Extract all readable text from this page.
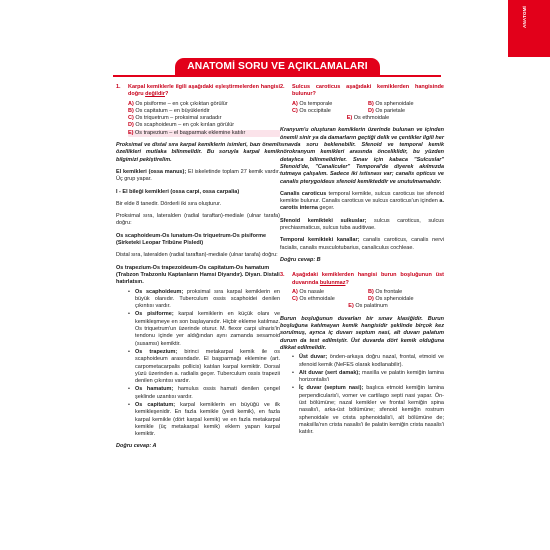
ANATOMİ
ANATOMİ SORU VE AÇIKLAMALARI
1.	Karpal kemiklerle ilgili aşağıdaki eşleştirmelerden hangisi doğru değildir?
A) Os pisiforme – en çok çıkıktan görülür
B) Os capitatum – en büyükleridir
C) Os triquetrum – proksimal sıradadır
D) Os scaphoideum – en çok kırılan görülür
E) Os trapezium – el başparmak eklemine katılır

Proksimal ve distal sıra karpal kemiklerin isimleri, bazı önemli özellikleri mutlaka bilinmelidir. Bu soruyla karpal kemik bilgimizi pekiştirelim.

El kemikleri (ossa manus); El iskeletinde toplam 27 kemik vardır. Üç grup yapar.

I - El bileği kemikleri (ossa carpi, ossa carpalia)

Bir elde 8 tanedir. Dörderli iki sıra oluşturur.

Proksimal sıra, lateralden (radial taraftan)-mediale (ulnar tarafa) doğru:

Os scaphoideum-Os lunatum-Os triquetrum-Os pisiforme (Sirketeki Leopar Tribüne Pisledi)

Distal sıra, lateralden (radial taraftan)-mediale (ulnar tarafa) doğru:

Os trapezium-Os trapezoideum-Os capitatum-Os hamatum (Trabzon Trabzonlu Kaptanların Hamsi Diyarıdır). Diyarı. Distali hatırlatsın.

• Os scaphoideum; proksimal sıra karpal kemiklerin en büyük olanıdır. Tuberculum ossis scaphoidei denilen çıkıntısı vardır.
• Os pisiforme; karpal kemiklerin en küçük olanı ve kemikleşmeye en son başlayanıdır. Hiçbir ekleme katılmaz. Os triquetrum'un üzerinde oturur. M. flexor carpi ulnaris'in tendonu içinde yer aldığından aynı zamanda sesamoid (susamsı) kemiktir.
• Os trapezium; birinci metakarpal kemik ile os scaphoideum arasındadır. El başparmağı eklemine (art. carpometacarpalis pollicis) katılan karpal kemiktir. Dorsal yüzü üzerinden a. radialis geçer. Tuberculum ossis trapezii denilen çıkıntısı vardır.
• Os hamatum; hamulus ossis hamati denilen çengel şeklinde uzantısı vardır.
• Os capitatum; karpal kemiklerin en büyüğü ve ilk kemikleşenidir. En fazla kemikle (yedi kemik), en fazla karpal kemikle (dört karpal kemik) ve en fazla metakarpal kemikle (üç metakarpal kemik) eklem yapan karpal kemiktir.

Doğru cevap: A

2.	Sulcus caroticus aşağıdaki kemiklerden hangisinde bulunur?
A) Os temporale	B) Os sphenoidale
C) Os occipitale	D) Os parietale
E) Os ethmoidale

Kranyum'u oluşturan kemiklerin üzerinde bulunan ve içinden önemli sinir ya da damarların geçtiği delik ve çentikler ilgili her sınavda soru beklenebilir. Sfenoid ve temporal kemik nörokranyum kemikleri arasında önceliklidir, bu yüzden detaylıca bilinmelidirler. Sınav için kabaca "Sulcuslar" Sfenoid'de, "Canaliculer" Temporal'de diyerek akılmızda tutmaya çalışalım. Sadece iki istisnası var; canalis opticus ve canalis pterygoideus sfenoid kemikteddir ve unutulmamalıdır.

Canalis caroticus temporal kemikte, sulcus caroticus ise sfenoid kemikte bulunur. Canalis caroticus ve sulcus caroticus'un içinden a. carotis interna geçer.

Sfenoid kemikteki sulkuslar; sulcus caroticus, sulcus prechiasmaticus, sulcus tuba auditivae.

Temporal kemikteki kanallar; canalis caroticus, canalis nervi facialis, canalis musculotubarius, canaliculus cochleae.

Doğru cevap: B

3.	Aşağıdaki kemiklerden hangisi burun boşluğunun üst duvarında bulunmaz?
A) Os nasale	B) Os frontale
C) Os ethmoidale	D) Os sphenoidale
E) Os palatinum

Burun boşluğunun duvarları bir sınav klasiğidir. Burun boşluğuna katılmayan kemik hangisidir şeklinde birçok kez sorulmuş, ayrıca iç duvarı septum nasi, alt duvarı palatum durum da test edilmiştir. Üst duvarda dört kemik olduğuna dikkat edilmelidir.

• Üst duvar; önden-arkaya doğru nazal, frontal, etmoid ve sfenoid kemik (NeFES olarak kodlanabilir).
• Alt duvar (sert damak); maxilla ve palatin kemiğin lamina horizontalis'i
• İç duvar (septum nasi); başlıca etmoid kemiğin lamina perpendicularis'i, vomer ve cartilago septi nasi yapar. Ön-üst bölümüne; nazal kemikler ve frontal kemiğin spina nasalis'i, arka-üst bölümüne; sfenoid kemiğin rostrum sphenoidale ve crista sphenoidalis'i, alt bölümüne de; maksilla'nın crista nasalis'i ile palatin kemiğin crista nasalis'i katılır.
